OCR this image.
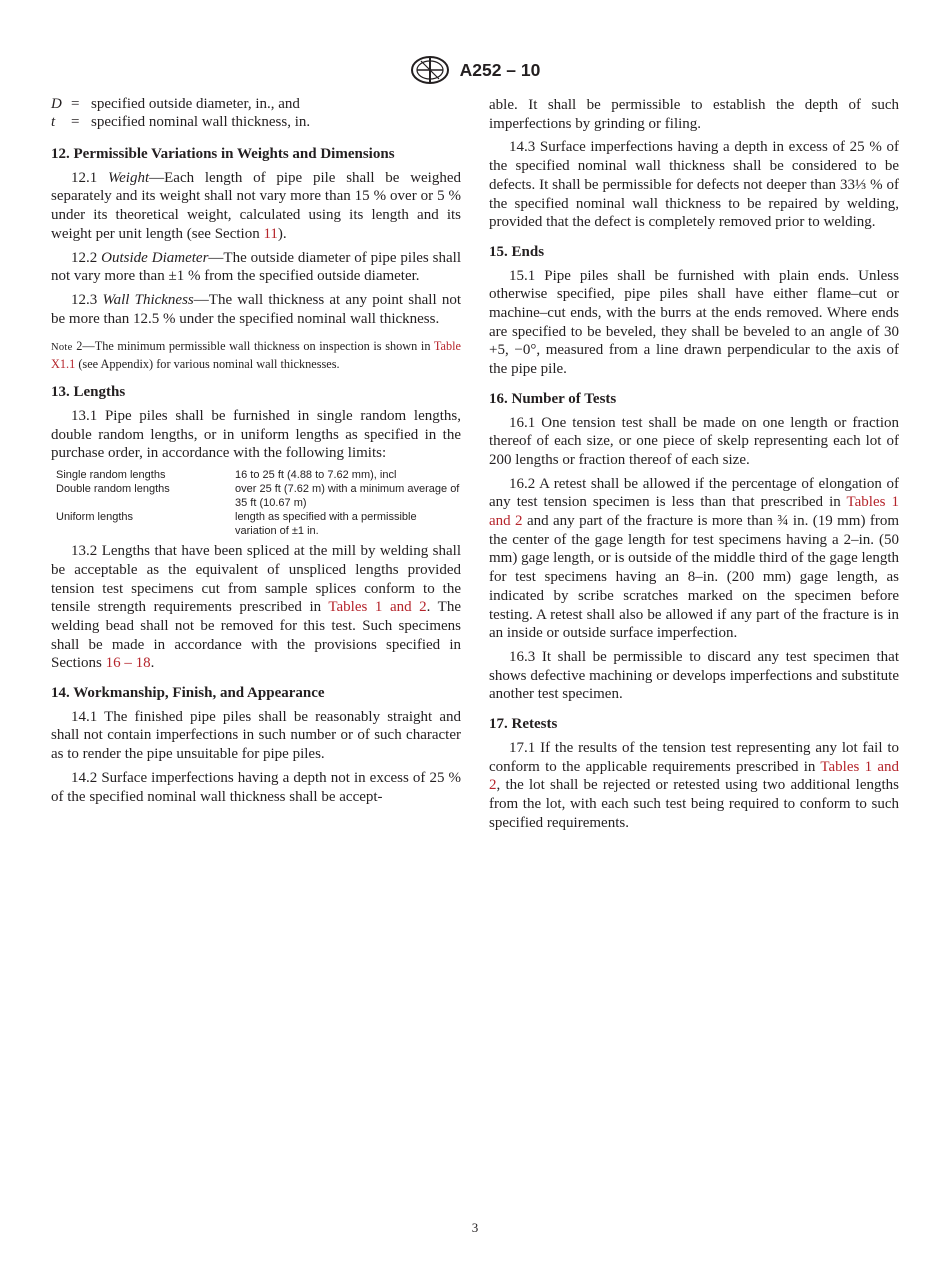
A252 – 10
D = specified outside diameter, in., and
t	= specified nominal wall thickness, in.
12. Permissible Variations in Weights and Dimensions

12.1 Weight—Each length of pipe pile shall be weighed separately and its weight shall not vary more than 15 % over or 5 % under its theoretical weight, calculated using its length and its weight per unit length (see Section 11).

12.2 Outside Diameter—The outside diameter of pipe piles shall not vary more than ±1 % from the specified outside diameter.

12.3 Wall Thickness—The wall thickness at any point shall not be more than 12.5 % under the specified nominal wall thickness.

Note 2—The minimum permissible wall thickness on inspection is shown in Table X1.1 (see Appendix) for various nominal wall thicknesses.

13. Lengths

13.1 Pipe piles shall be furnished in single random lengths, double random lengths, or in uniform lengths as specified in the purchase order, in accordance with the following limits:

Single random lengths	16 to 25 ft (4.88 to 7.62 mm), incl
Double random lengths	over 25 ft (7.62 m) with a minimum average of 35 ft (10.67 m)
Uniform lengths	length as specified with a permissible variation of ±1 in.

13.2 Lengths that have been spliced at the mill by welding shall be acceptable as the equivalent of unspliced lengths provided tension test specimens cut from sample splices conform to the tensile strength requirements prescribed in Tables 1 and 2. The welding bead shall not be removed for this test. Such specimens shall be made in accordance with the provisions specified in Sections 16 – 18.

14. Workmanship, Finish, and Appearance

14.1 The finished pipe piles shall be reasonably straight and shall not contain imperfections in such number or of such character as to render the pipe unsuitable for pipe piles.

14.2 Surface imperfections having a depth not in excess of 25 % of the specified nominal wall thickness shall be accept-

able. It shall be permissible to establish the depth of such imperfections by grinding or filing.

14.3 Surface imperfections having a depth in excess of 25 % of the specified nominal wall thickness shall be considered to be defects. It shall be permissible for defects not deeper than 33⅓ % of the specified nominal wall thickness to be repaired by welding, provided that the defect is completely removed prior to welding.

15. Ends

15.1 Pipe piles shall be furnished with plain ends. Unless otherwise specified, pipe piles shall have either flame–cut or machine–cut ends, with the burrs at the ends removed. Where ends are specified to be beveled, they shall be beveled to an angle of 30 +5, −0°, measured from a line drawn perpendicular to the axis of the pipe pile.

16. Number of Tests

16.1 One tension test shall be made on one length or fraction thereof of each size, or one piece of skelp representing each lot of 200 lengths or fraction thereof of each size.

16.2 A retest shall be allowed if the percentage of elongation of any test tension specimen is less than that prescribed in Tables 1 and 2 and any part of the fracture is more than ¾ in. (19 mm) from the center of the gage length for test specimens having a 2–in. (50 mm) gage length, or is outside of the middle third of the gage length for test specimens having an 8–in. (200 mm) gage length, as indicated by scribe scratches marked on the specimen before testing. A retest shall also be allowed if any part of the fracture is in an inside or outside surface imperfection.

16.3 It shall be permissible to discard any test specimen that shows defective machining or develops imperfections and substitute another test specimen.

17. Retests

17.1 If the results of the tension test representing any lot fail to conform to the applicable requirements prescribed in Tables 1 and 2, the lot shall be rejected or retested using two additional lengths from the lot, with each such test being required to conform to such specified requirements.

3
